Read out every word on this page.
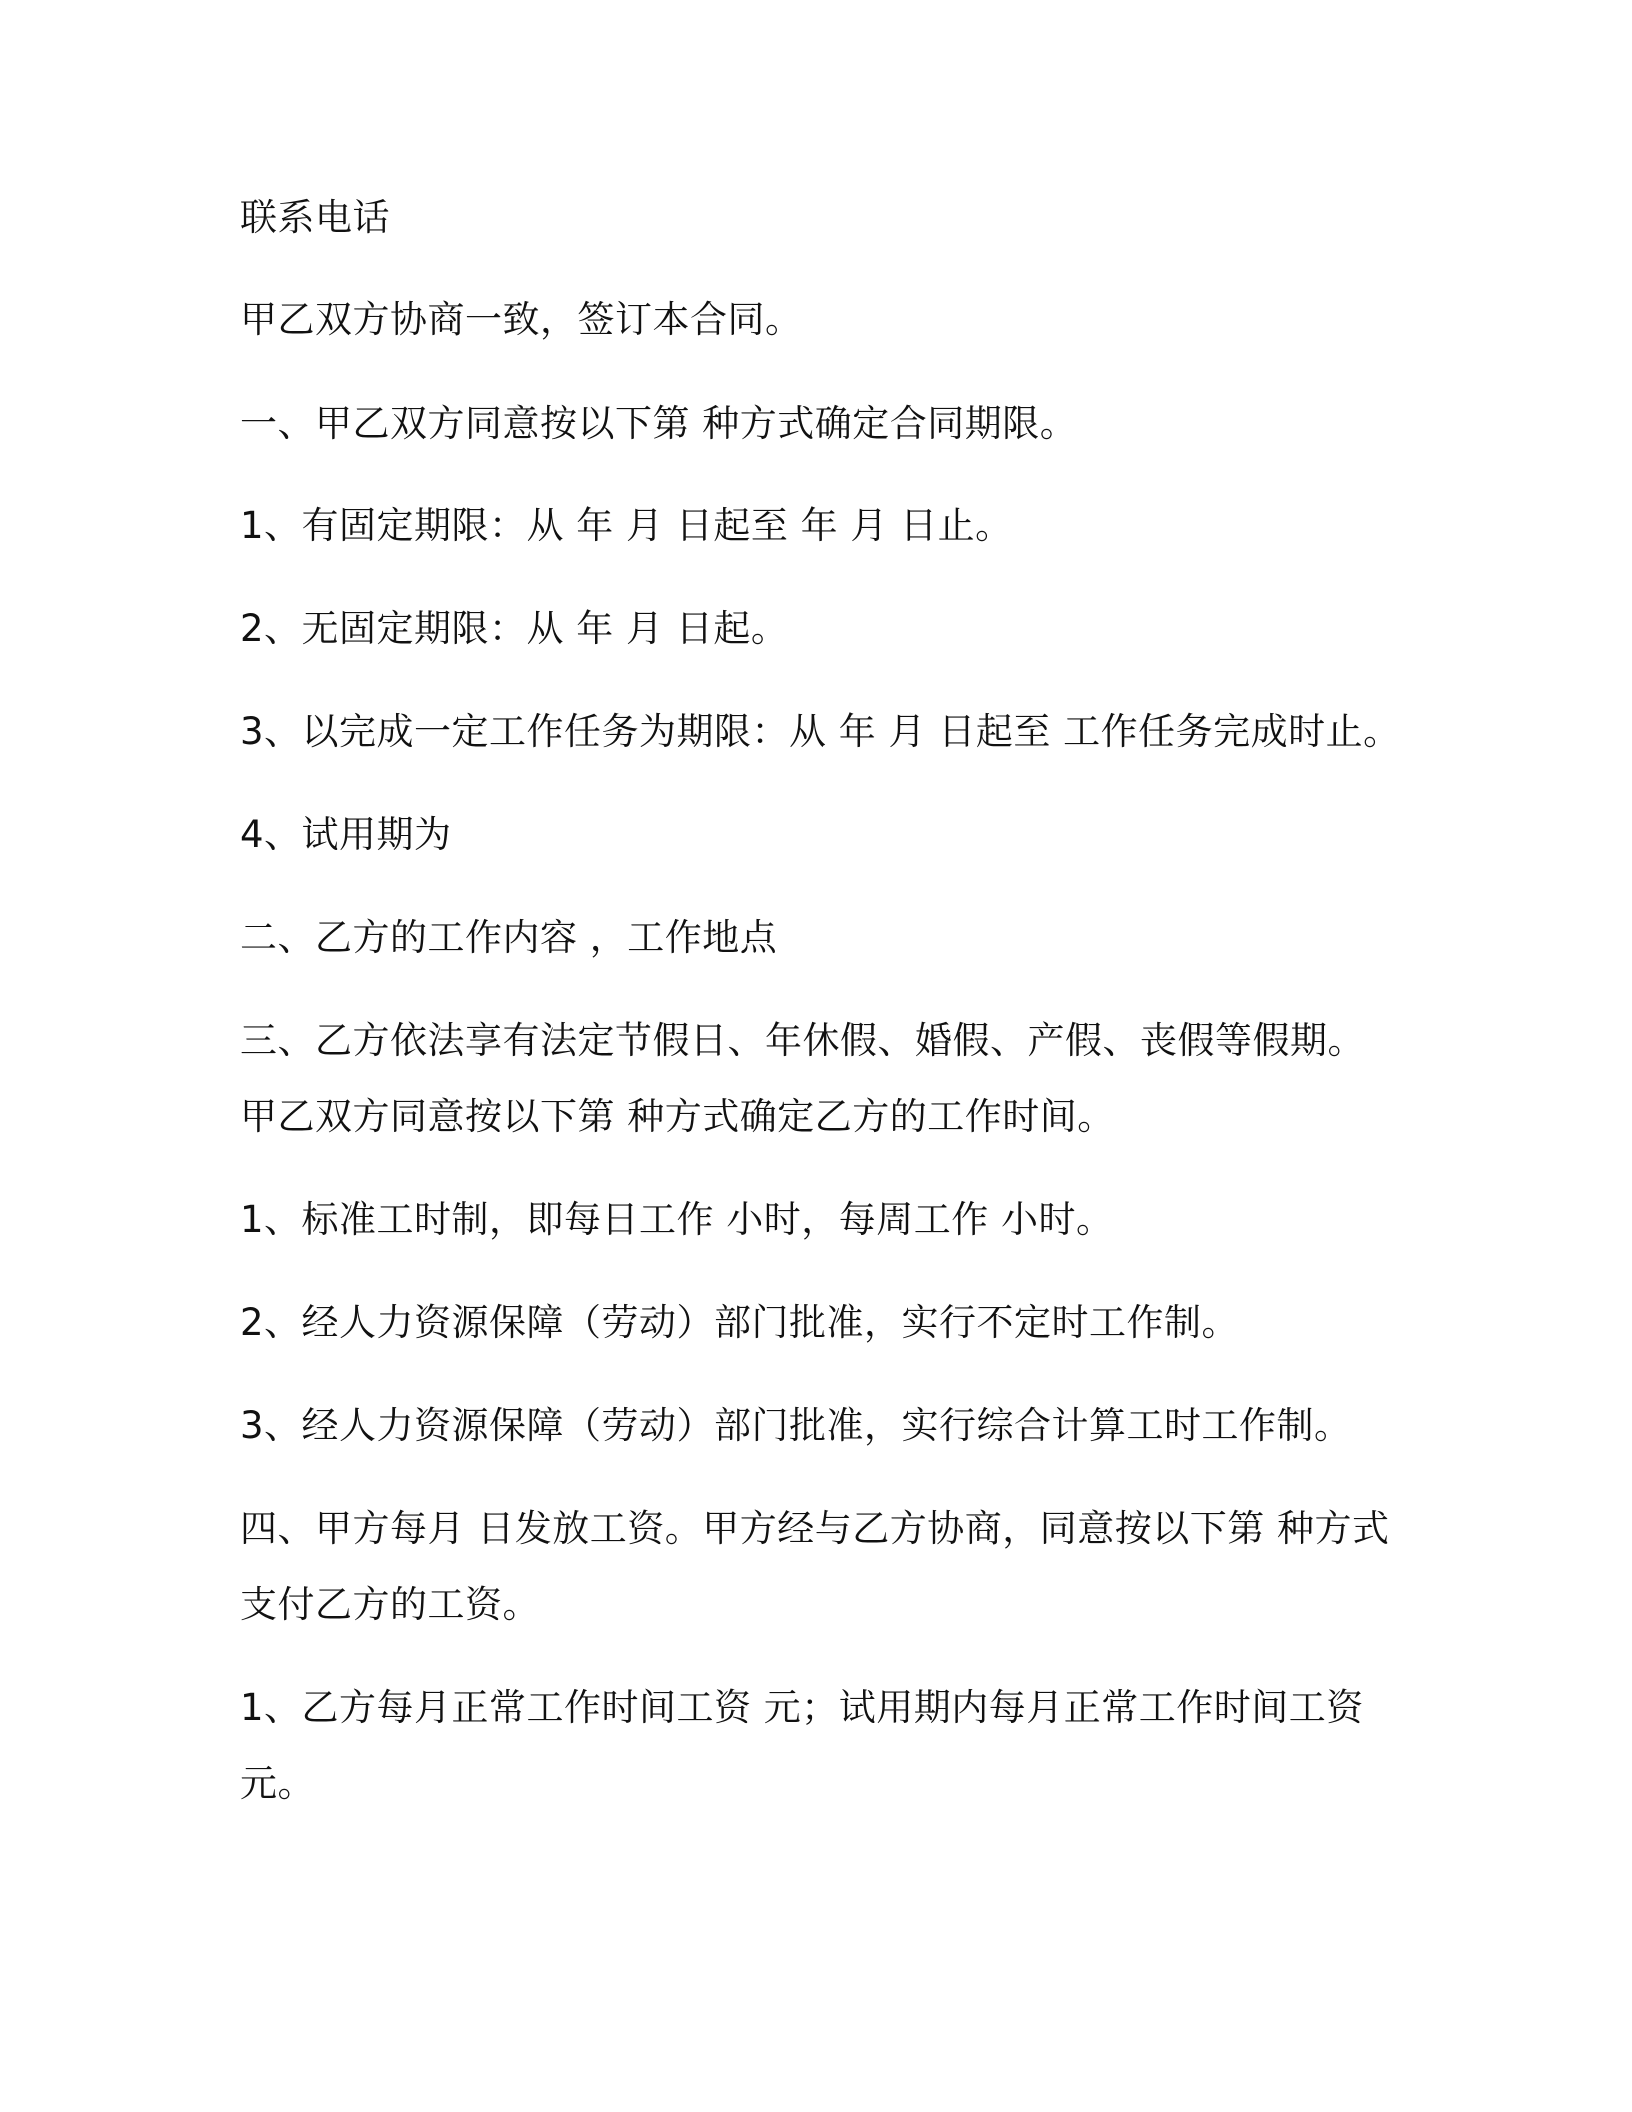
联系电话
甲乙双方协商一致，签订本合同。
一、甲乙双方同意按以下第 种方式确定合同期限。
1、有固定期限：从 年 月 日起至 年 月 日止。
2、无固定期限：从 年 月 日起。
3、以完成一定工作任务为期限：从 年 月 日起至 工作任务完成时止。
4、试用期为
二、乙方的工作内容 ，工作地点
三、乙方依法享有法定节假日、年休假、婚假、产假、丧假等假期。
甲乙双方同意按以下第 种方式确定乙方的工作时间。
1、标准工时制，即每日工作 小时，每周工作 小时。
2、经人力资源保障（劳动）部门批准，实行不定时工作制。
3、经人力资源保障（劳动）部门批准，实行综合计算工时工作制。
四、甲方每月 日发放工资。甲方经与乙方协商，同意按以下第 种方式
支付乙方的工资。
1、乙方每月正常工作时间工资 元；试用期内每月正常工作时间工资
元。
